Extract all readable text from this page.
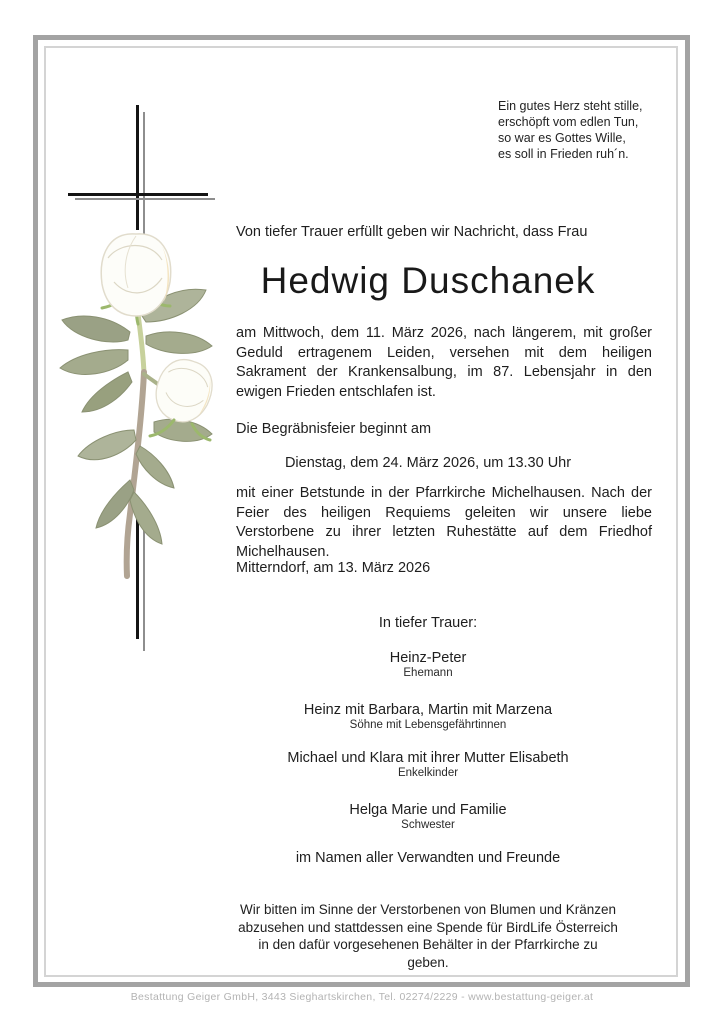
Ein gutes Herz steht stille,
erschöpft vom edlen Tun,
so war es Gottes Wille,
es soll in Frieden ruh´n.
Von tiefer Trauer erfüllt geben wir Nachricht, dass Frau
Hedwig Duschanek
am Mittwoch, dem 11. März 2026, nach längerem, mit großer Geduld ertragenem Leiden, versehen mit dem heiligen Sakrament der Krankensalbung, im 87. Lebensjahr in den ewigen Frieden entschlafen ist.
Die Begräbnisfeier beginnt am
Dienstag, dem 24. März 2026, um 13.30 Uhr
mit einer Betstunde in der Pfarrkirche Michelhausen. Nach der Feier des heiligen Requiems geleiten wir unsere liebe Verstorbene zu ihrer letzten Ruhestätte auf dem Friedhof Michelhausen.
Mitterndorf, am 13. März 2026
In tiefer Trauer:
Heinz-Peter
Ehemann
Heinz mit Barbara, Martin mit Marzena
Söhne mit Lebensgefährtinnen
Michael und Klara mit ihrer Mutter Elisabeth
Enkelkinder
Helga Marie und Familie
Schwester
im Namen aller Verwandten und Freunde
Wir bitten im Sinne der Verstorbenen von Blumen und Kränzen
abzusehen und stattdessen eine Spende für BirdLife Österreich
in den dafür vorgesehenen Behälter in der Pfarrkirche zu geben.
Bestattung Geiger GmbH, 3443 Sieghartskirchen, Tel. 02274/2229 - www.bestattung-geiger.at
